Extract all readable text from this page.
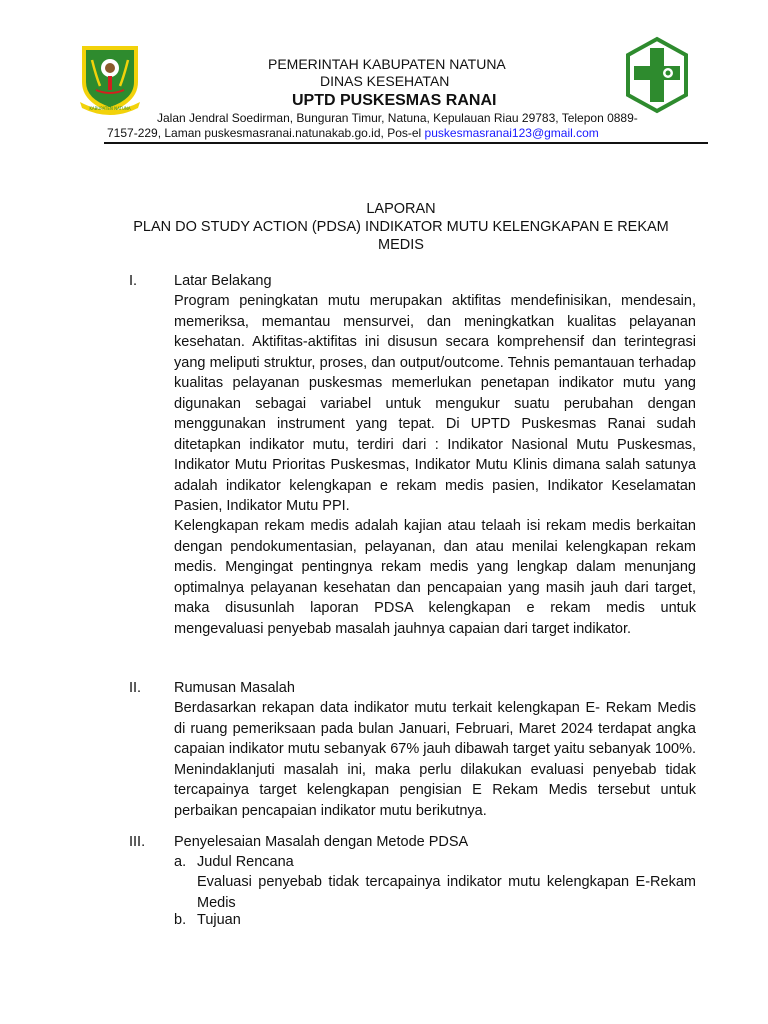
KABUPATEN NATUNA
PEMERINTAH KABUPATEN NATUNA
DINAS KESEHATAN
UPTD PUSKESMAS RANAI
Jalan Jendral Soedirman, Bunguran Timur, Natuna, Kepulauan Riau 29783, Telepon 0889-
7157-229, Laman puskesmasranai.natunakab.go.id, Pos-el puskesmasranai123@gmail.com
LAPORAN
PLAN DO STUDY ACTION (PDSA) INDIKATOR MUTU KELENGKAPAN E REKAM
MEDIS
I.	Latar Belakang

Program peningkatan mutu merupakan aktifitas mendefinisikan, mendesain, memeriksa, memantau mensurvei, dan meningkatkan kualitas pelayanan kesehatan. Aktifitas-aktifitas ini disusun secara komprehensif dan terintegrasi yang meliputi struktur, proses, dan output/outcome. Tehnis pemantauan terhadap kualitas pelayanan puskesmas memerlukan penetapan indikator mutu yang digunakan sebagai variabel untuk mengukur suatu perubahan dengan menggunakan instrument yang tepat. Di UPTD Puskesmas Ranai sudah ditetapkan indikator mutu, terdiri dari : Indikator Nasional Mutu Puskesmas, Indikator Mutu Prioritas Puskesmas, Indikator Mutu Klinis dimana salah satunya adalah indikator kelengkapan e rekam medis pasien, Indikator Keselamatan Pasien, Indikator Mutu PPI.

Kelengkapan rekam medis adalah kajian atau telaah isi rekam medis berkaitan dengan pendokumentasian, pelayanan, dan atau menilai kelengkapan rekam medis. Mengingat pentingnya rekam medis yang lengkap dalam menunjang optimalnya pelayanan kesehatan dan pencapaian yang masih jauh dari target, maka disusunlah laporan PDSA kelengkapan e rekam medis untuk mengevaluasi penyebab masalah jauhnya capaian dari target indikator.

II. Rumusan Masalah

Berdasarkan rekapan data indikator mutu terkait kelengkapan E- Rekam Medis di ruang pemeriksaan pada bulan Januari, Februari, Maret 2024 terdapat angka capaian indikator mutu sebanyak 67% jauh dibawah target yaitu sebanyak 100%. Menindaklanjuti masalah ini, maka perlu dilakukan evaluasi penyebab tidak tercapainya target kelengkapan pengisian E Rekam Medis tersebut untuk perbaikan pencapaian indikator mutu berikutnya.

III. Penyelesaian Masalah dengan Metode PDSA
a. Judul Rencana

Evaluasi penyebab tidak tercapainya indikator mutu kelengkapan E-Rekam Medis

b. Tujuan
